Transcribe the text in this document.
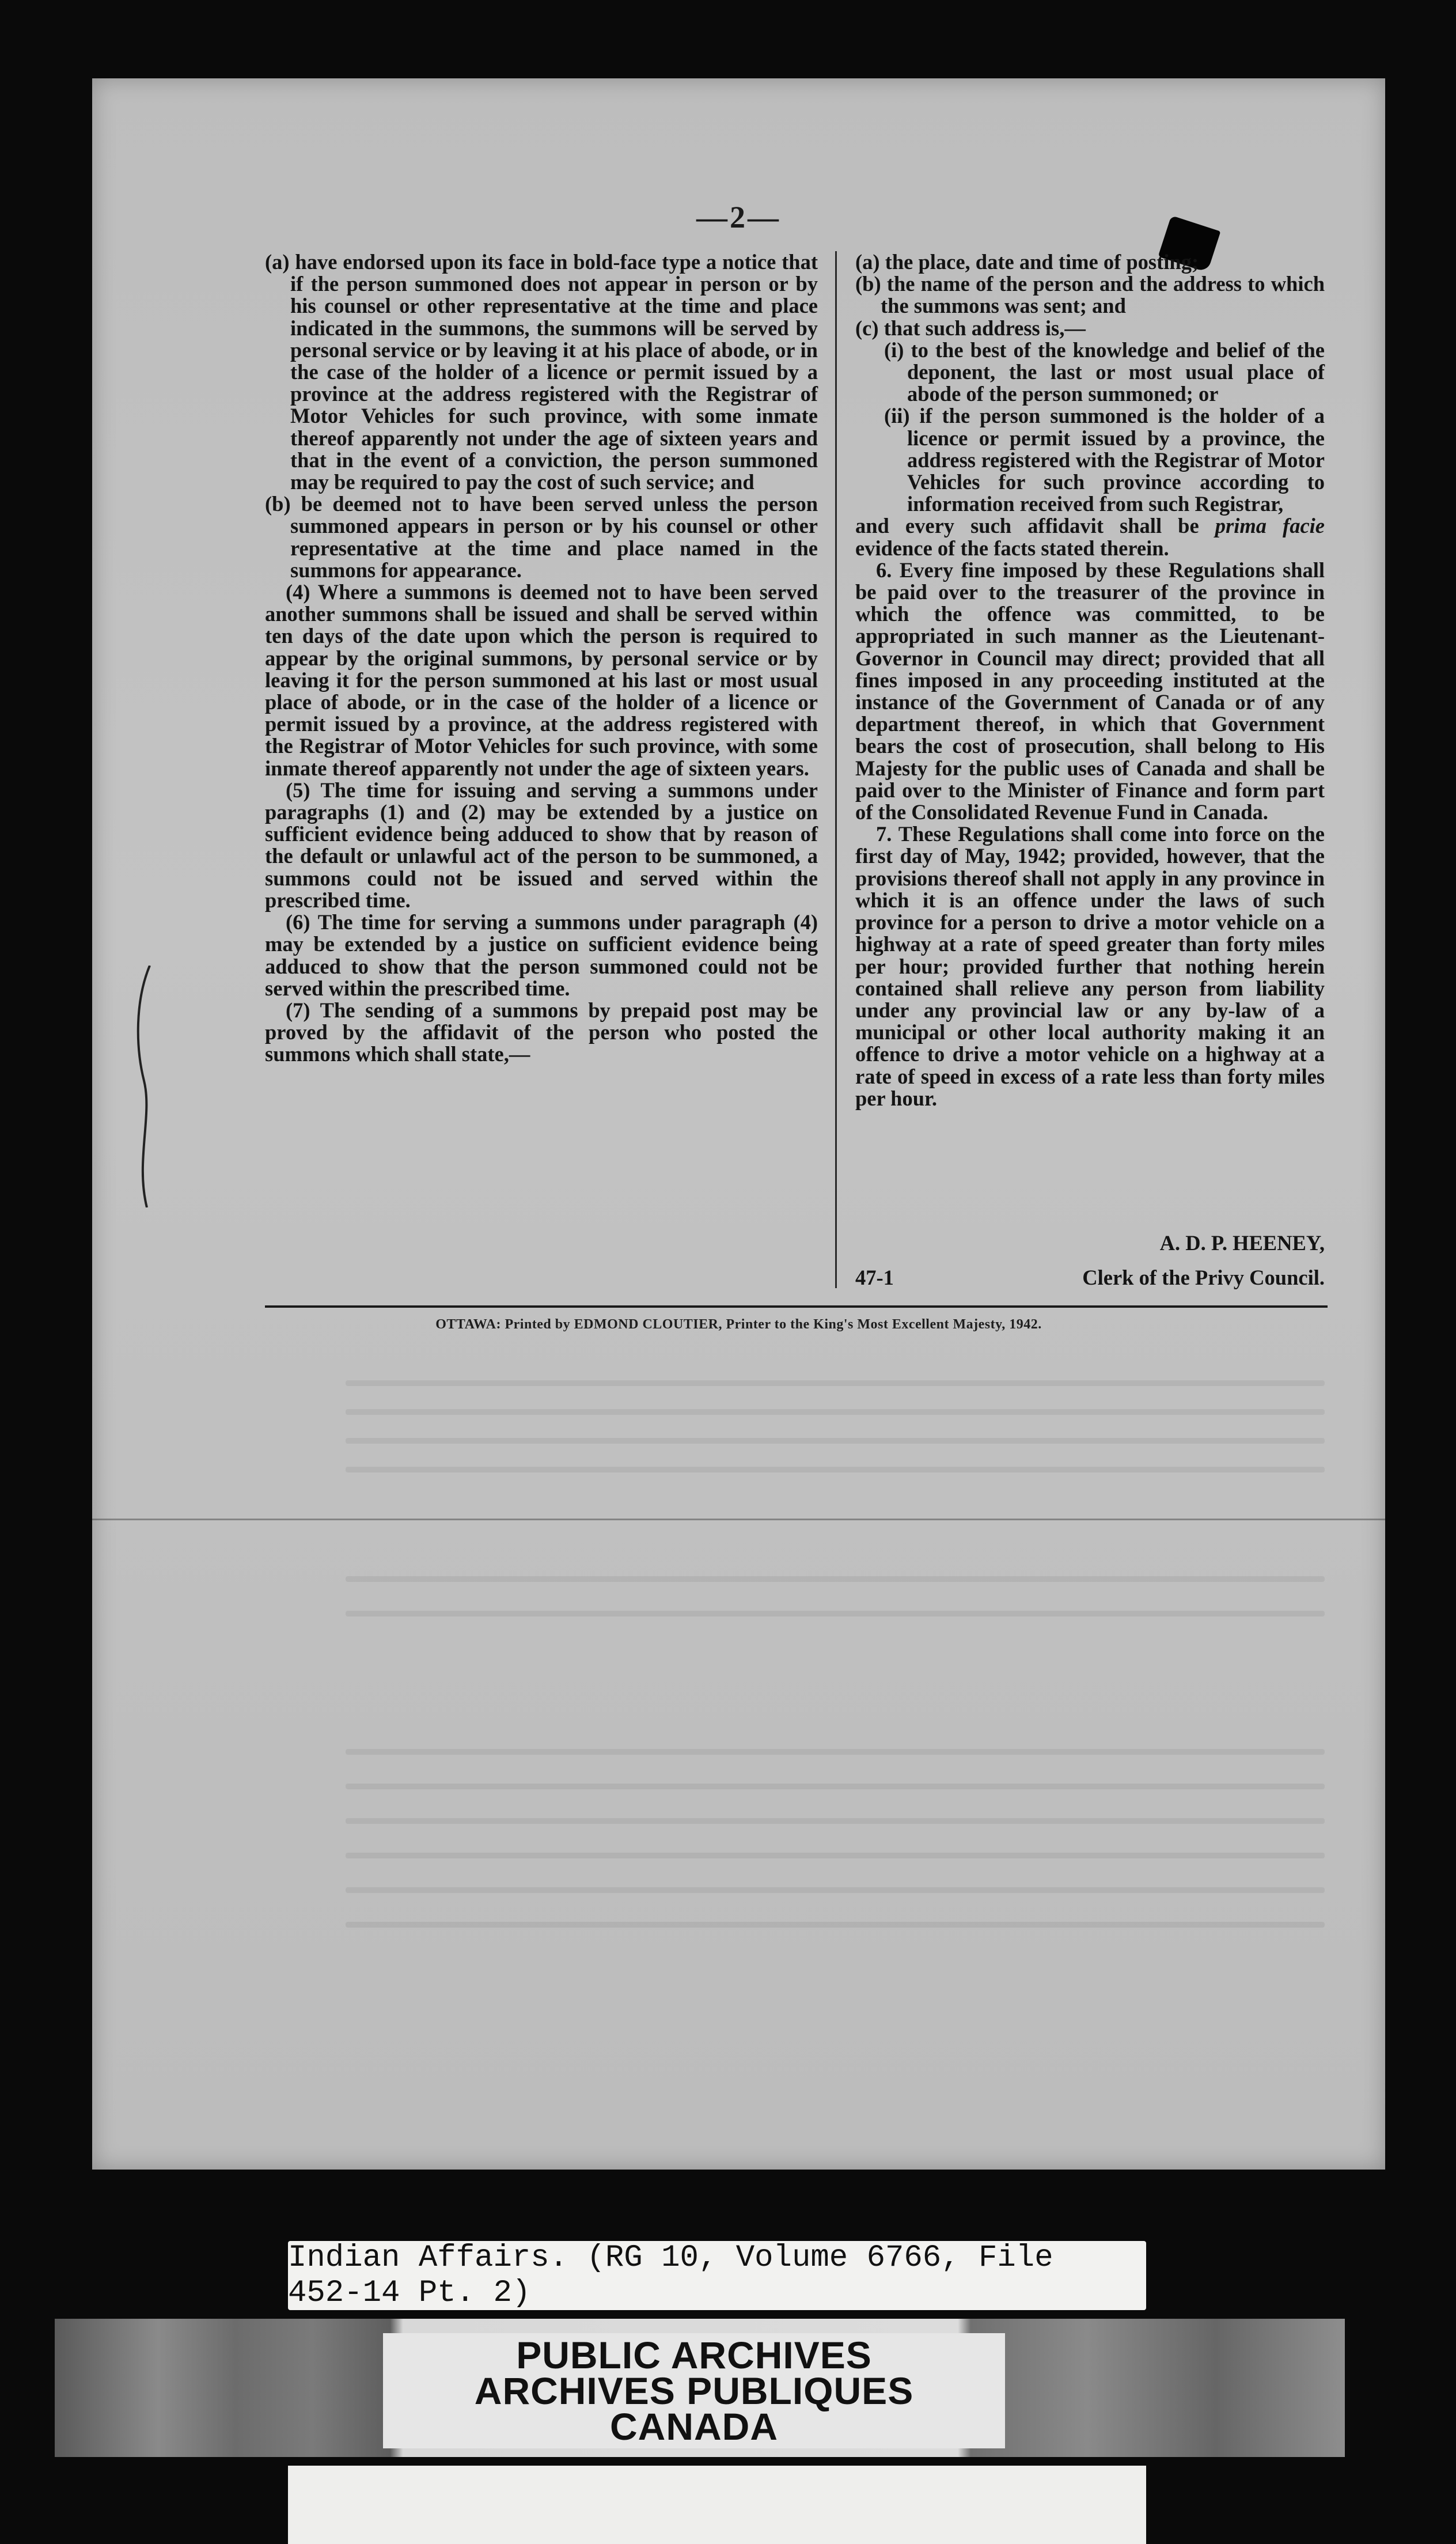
—2—

(a) have endorsed upon its face in bold-face type a notice that if the person summoned does not appear in person or by his counsel or other representative at the time and place indicated in the summons, the summons will be served by personal service or by leaving it at his place of abode, or in the case of the holder of a licence or permit issued by a province at the address registered with the Registrar of Motor Vehicles for such province, with some inmate thereof apparently not under the age of sixteen years and that in the event of a conviction, the person summoned may be required to pay the cost of such service; and

(b) be deemed not to have been served unless the person summoned appears in person or by his counsel or other representative at the time and place named in the summons for appearance.

(4) Where a summons is deemed not to have been served another summons shall be issued and shall be served within ten days of the date upon which the person is required to appear by the original summons, by personal service or by leaving it for the person summoned at his last or most usual place of abode, or in the case of the holder of a licence or permit issued by a province, at the address registered with the Registrar of Motor Vehicles for such province, with some inmate thereof apparently not under the age of sixteen years.

(5) The time for issuing and serving a summons under paragraphs (1) and (2) may be extended by a justice on sufficient evidence being adduced to show that by reason of the default or unlawful act of the person to be summoned, a summons could not be issued and served within the prescribed time.

(6) The time for serving a summons under paragraph (4) may be extended by a justice on sufficient evidence being adduced to show that the person summoned could not be served within the prescribed time.

(7) The sending of a summons by prepaid post may be proved by the affidavit of the person who posted the summons which shall state,—

(a) the place, date and time of posting;

(b) the name of the person and the address to which the summons was sent; and

(c) that such address is,—

(i) to the best of the knowledge and belief of the deponent, the last or most usual place of abode of the person summoned; or

(ii) if the person summoned is the holder of a licence or permit issued by a province, the address registered with the Registrar of Motor Vehicles for such province according to information received from such Registrar,

and every such affidavit shall be prima facie evidence of the facts stated therein.

6. Every fine imposed by these Regulations shall be paid over to the treasurer of the province in which the offence was committed, to be appropriated in such manner as the Lieutenant-Governor in Council may direct; provided that all fines imposed in any proceeding instituted at the instance of the Government of Canada or of any department thereof, in which that Government bears the cost of prosecution, shall belong to His Majesty for the public uses of Canada and shall be paid over to the Minister of Finance and form part of the Consolidated Revenue Fund in Canada.

7. These Regulations shall come into force on the first day of May, 1942; provided, however, that the provisions thereof shall not apply in any province in which it is an offence under the laws of such province for a person to drive a motor vehicle on a highway at a rate of speed greater than forty miles per hour; provided further that nothing herein contained shall relieve any person from liability under any provincial law or any by-law of a municipal or other local authority making it an offence to drive a motor vehicle on a highway at a rate of speed in excess of a rate less than forty miles per hour.

A. D. P. HEENEY,
47-1	Clerk of the Privy Council.
OTTAWA: Printed by EDMOND CLOUTIER, Printer to the King's Most Excellent Majesty, 1942.
Indian Affairs. (RG 10, Volume 6766, File 452-14 Pt. 2)
PUBLIC ARCHIVES
ARCHIVES PUBLIQUES
CANADA
